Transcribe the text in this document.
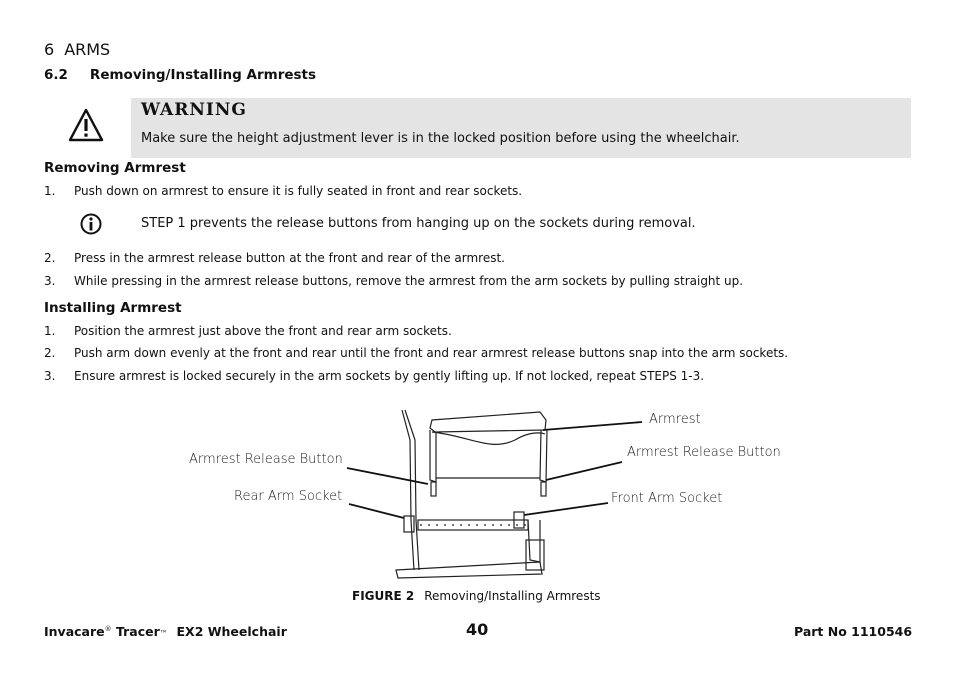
6 ARMS
6.2 Removing/Installing Armrests
WARNING
Make sure the height adjustment lever is in the locked position before using the wheelchair.
Removing Armrest
1. Push down on armrest to ensure it is fully seated in front and rear sockets.
STEP 1 prevents the release buttons from hanging up on the sockets during removal.
2. Press in the armrest release button at the front and rear of the armrest.
3. While pressing in the armrest release buttons, remove the armrest from the arm sockets by pulling straight up.
Installing Armrest
1. Position the armrest just above the front and rear arm sockets.
2. Push arm down evenly at the front and rear until the front and rear armrest release buttons snap into the arm sockets.
3. Ensure armrest is locked securely in the arm sockets by gently lifting up. If not locked, repeat STEPS 1-3.
Armrest
Armrest Release Button	Armrest Release Button
Rear Arm Socket	Front Arm Socket
FIGURE 2 Removing/Installing Armrests
Invacare® Tracer™ EX2 Wheelchair	40	Part No 1110546
